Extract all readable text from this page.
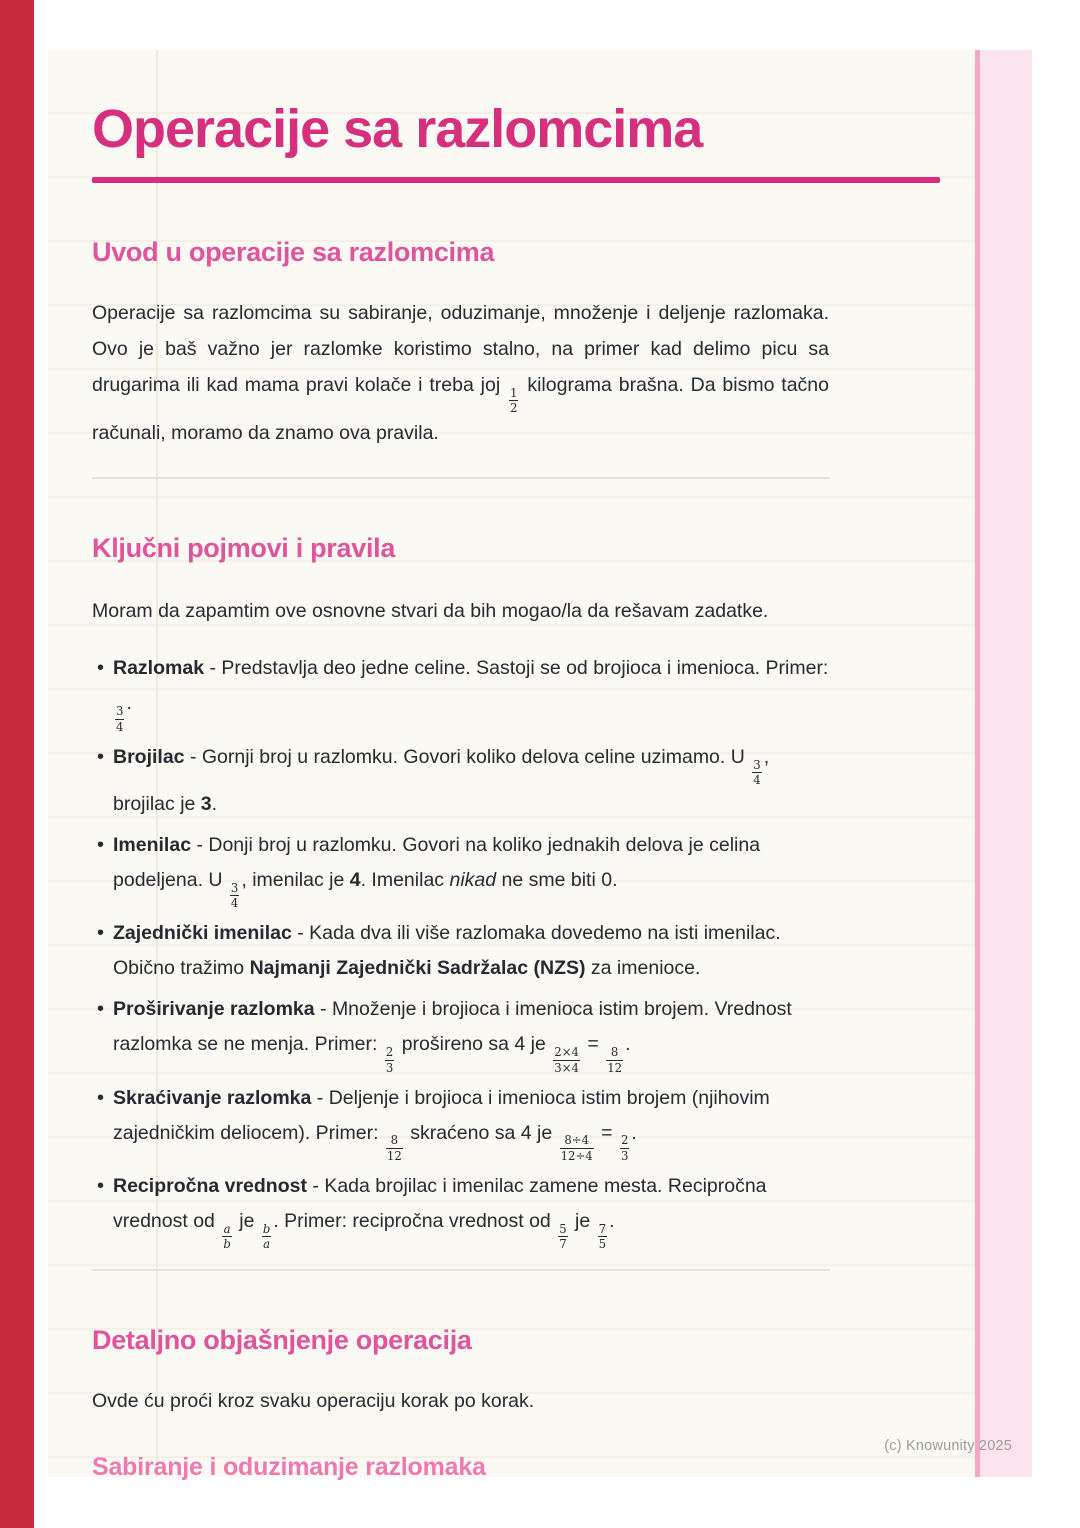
Operacije sa razlomcima
Uvod u operacije sa razlomcima

Operacije sa razlomcima su sabiranje, oduzimanje, množenje i deljenje razlomaka. Ovo je baš važno jer razlomke koristimo stalno, na primer kad delimo picu sa drugarima ili kad mama pravi kolače i treba joj
$\frac{1}{2}$
kilograma brašna. Da bismo tačno računali, moramo da znamo ova pravila.

Ključni pojmovi i pravila

Moram da zapamtim ove osnovne stvari da bih mogao/la da rešavam zadatke.

• Razlomak - Predstavlja deo jedne celine. Sastoji se od brojioca i imenioca. Primer:
$\frac{3}{4}$
.
• Brojilac - Gornji broj u razlomku. Govori koliko delova celine uzimamo. U
$\frac{3}{4}$
, brojilac je 3.
• Imenilac - Donji broj u razlomku. Govori na koliko jednakih delova je celina podeljena. U
$\frac{3}{4}$
, imenilac je 4. Imenilac nikad ne sme biti 0.
• Zajednički imenilac - Kada dva ili više razlomaka dovedemo na isti imenilac. Obično tražimo Najmanji Zajednički Sadržalac (NZS) za imenioce.
• Proširivanje razlomka - Množenje i brojioca i imenioca istim brojem. Vrednost razlomka se ne menja. Primer:
$\frac{2}{3}$
prošireno sa 4 je
$\frac{2\times 4}{3\times 4}$
=
$\frac{8}{12}$
.
• Skraćivanje razlomka - Deljenje i brojioca i imenioca istim brojem (njihovim zajedničkim deliocem). Primer:
$\frac{8}{12}$
skraćeno sa 4 je
$\frac{8\div 4}{12\div 4}$
=
$\frac{2}{3}$
.
• Recipročna vrednost - Kada brojilac i imenilac zamene mesta. Recipročna vrednost od
$\frac{a}{b}$
je
$\frac{b}{a}$
. Primer: recipročna vrednost od
$\frac{5}{7}$
je
$\frac{7}{5}$
.
Detaljno objašnjenje operacija

Ovde ću proći kroz svaku operaciju korak po korak.

Sabiranje i oduzimanje razlomaka
(c) Knowunity 2025
